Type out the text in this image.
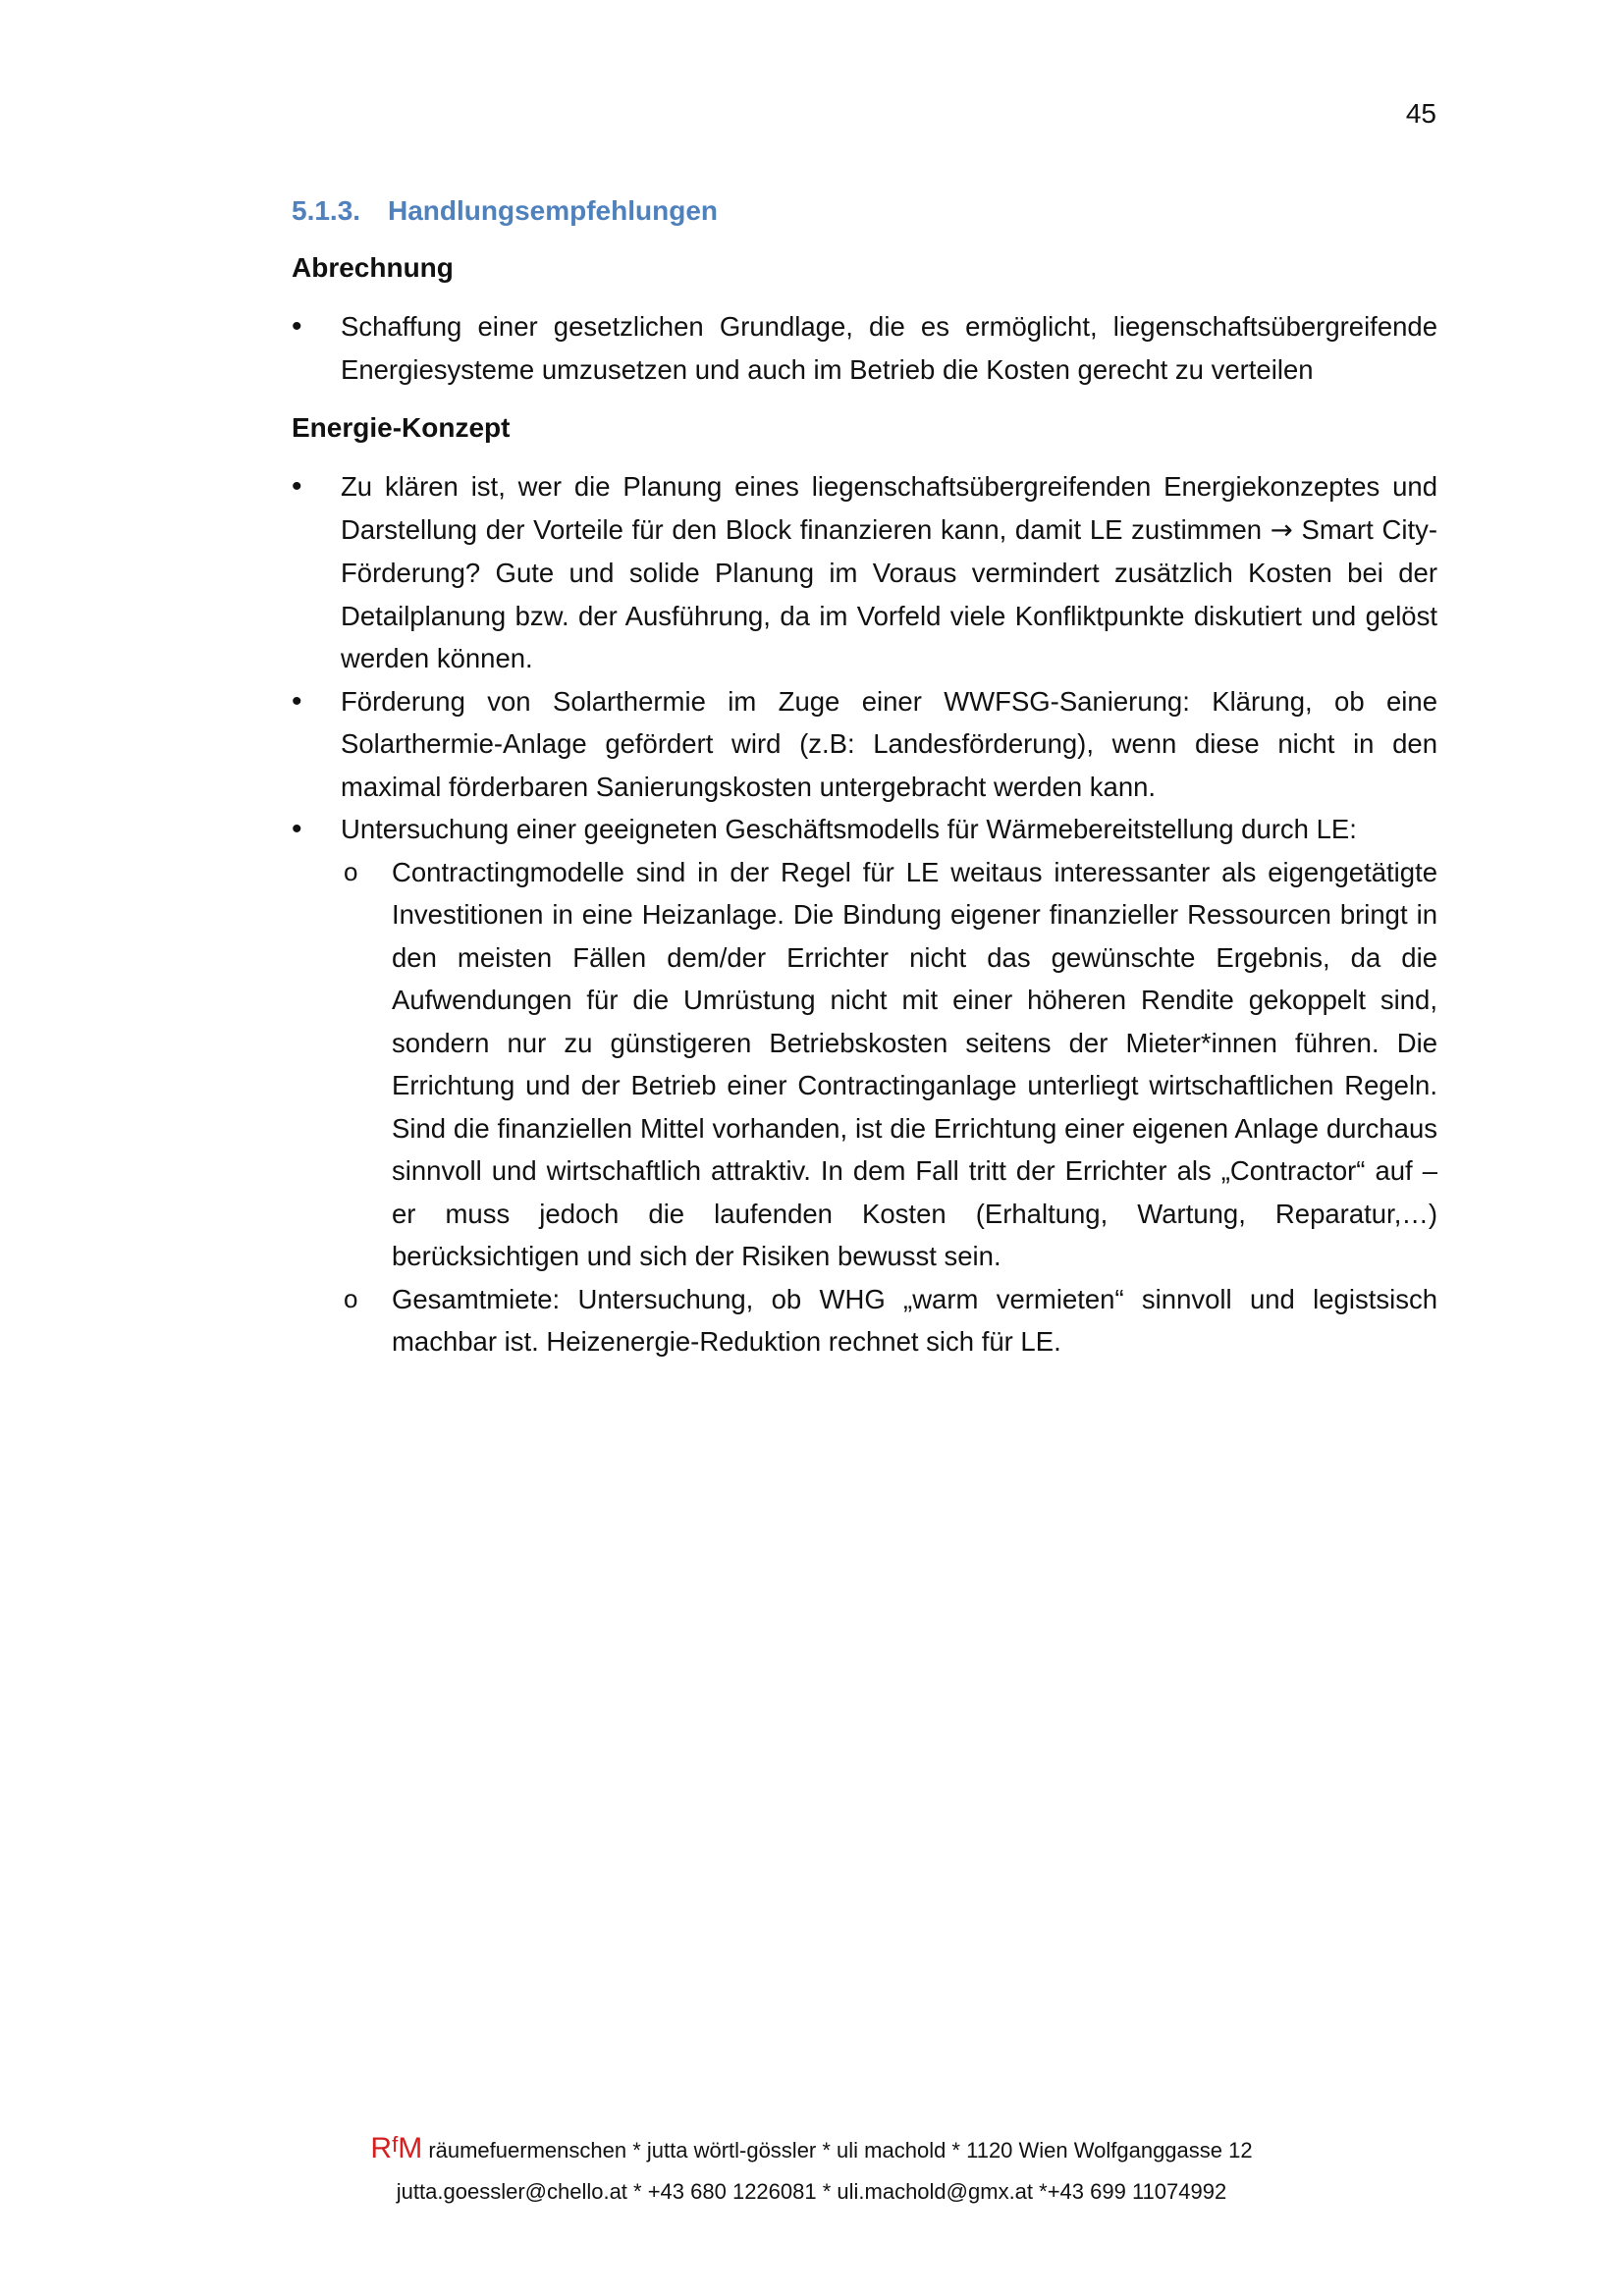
45
5.1.3. Handlungsempfehlungen
Abrechnung
• Schaffung einer gesetzlichen Grundlage, die es ermöglicht, liegenschaftsübergreifende Energiesysteme umzusetzen und auch im Betrieb die Kosten gerecht zu verteilen
Energie-Konzept
• Zu klären ist, wer die Planung eines liegenschaftsübergreifenden Energiekonzeptes und Darstellung der Vorteile für den Block finanzieren kann, damit LE zustimmen → Smart City-Förderung? Gute und solide Planung im Voraus vermindert zusätzlich Kosten bei der Detailplanung bzw. der Ausführung, da im Vorfeld viele Konfliktpunkte diskutiert und gelöst werden können.
• Förderung von Solarthermie im Zuge einer WWFSG-Sanierung: Klärung, ob eine Solarthermie-Anlage gefördert wird (z.B: Landesförderung), wenn diese nicht in den maximal förderbaren Sanierungskosten untergebracht werden kann.
• Untersuchung einer geeigneten Geschäftsmodells für Wärmebereitstellung durch LE:
o Contractingmodelle sind in der Regel für LE weitaus interessanter als eigengetätigte Investitionen in eine Heizanlage. Die Bindung eigener finanzieller Ressourcen bringt in den meisten Fällen dem/der Errichter nicht das gewünschte Ergebnis, da die Aufwendungen für die Umrüstung nicht mit einer höheren Rendite gekoppelt sind, sondern nur zu günstigeren Betriebskosten seitens der Mieter*innen führen. Die Errichtung und der Betrieb einer Contractinganlage unterliegt wirtschaftlichen Regeln. Sind die finanziellen Mittel vorhanden, ist die Errichtung einer eigenen Anlage durchaus sinnvoll und wirtschaftlich attraktiv. In dem Fall tritt der Errichter als „Contractor“ auf – er muss jedoch die laufenden Kosten (Erhaltung, Wartung, Reparatur,…) berücksichtigen und sich der Risiken bewusst sein.
o Gesamtmiete: Untersuchung, ob WHG „warm vermieten“ sinnvoll und legistsisch machbar ist. Heizenergie-Reduktion rechnet sich für LE.
$R^fM$ räumefuermenschen * jutta wörtl-gössler * uli machold * 1120 Wien Wolfganggasse 12
jutta.goessler@chello.at * +43 680 1226081 * uli.machold@gmx.at *+43 699 11074992
